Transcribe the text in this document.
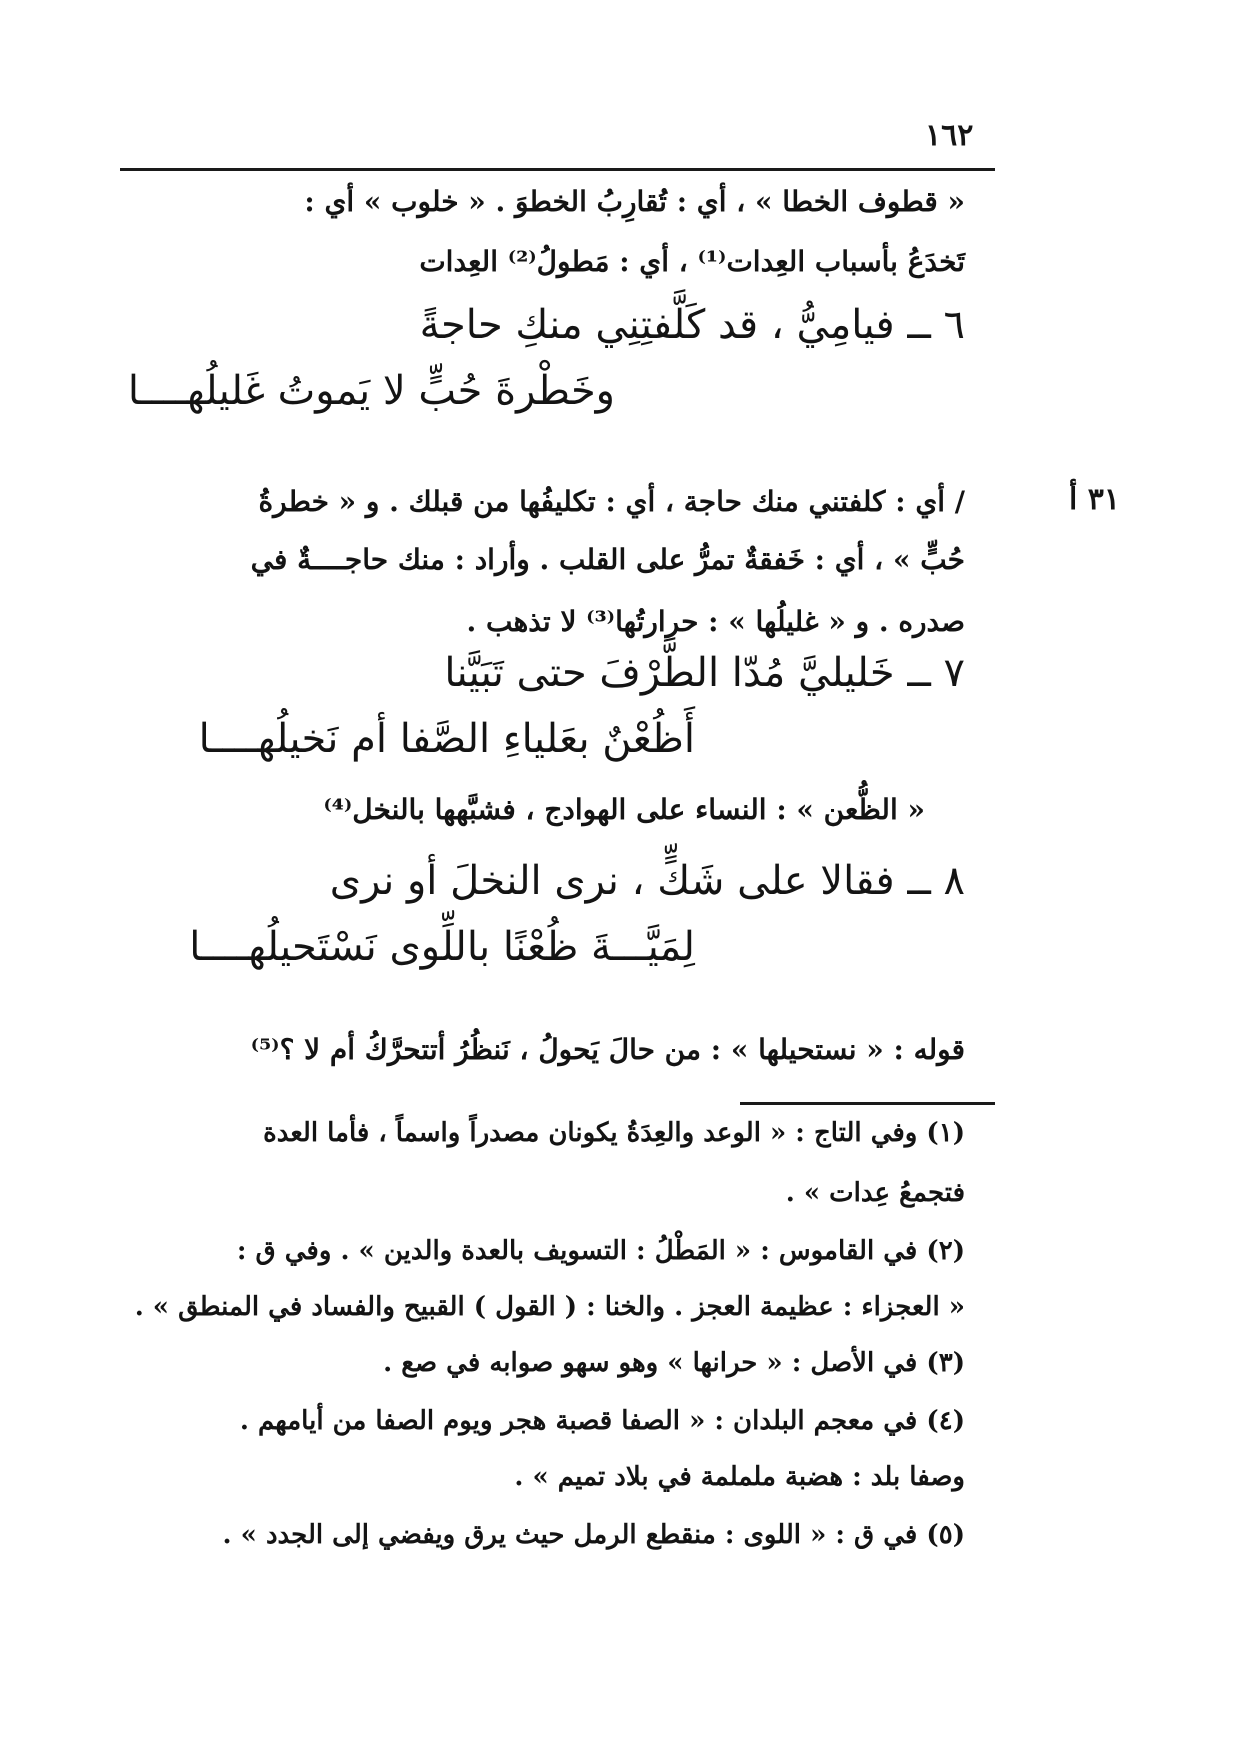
١٦٢
٣١ أ
« قطوف الخطا » ، أي : تُقارِبُ الخطوَ . « خلوب » أي :
تَخدَعُ بأسباب العِدات⁽¹⁾ ، أي : مَطولُ⁽²⁾ العِدات
٦ ــ فيامِيُّ ، قد كَلَّفتِنِي منكِ حاجةً
وخَطْرةَ حُبٍّ لا يَموتُ غَليلُهــــا
/ أي : كلفتني منك حاجة ، أي : تكليفُها من قبلك . و « خطرةُ
حُبٍّ » ، أي : خَفقةٌ تمرُّ على القلب . وأراد : منك حاجــــةٌ في
صدره . و « غليلُها » : حرارتُها⁽³⁾ لا تذهب .
٧ ــ خَليليَّ مُدّا الطَّرْفَ حتى تَبَيَّنا
أَظُعْنٌ بعَلياءِ الصَّفا أم نَخيلُهــــا
« الظُّعن » : النساء على الهوادج ، فشبَّهها بالنخل⁽⁴⁾
٨ ــ فقالا على شَكٍّ ، نرى النخلَ أو نرى
لِمَيَّـــةَ ظُعْنًا باللِّوى نَسْتَحيلُهــــا
قوله : « نستحيلها » : من حالَ يَحولُ ، نَنظُرُ أتتحرَّكُ أم لا ؟⁽⁵⁾
(١) وفي التاج : « الوعد والعِدَةُ يكونان مصدراً واسماً ، فأما العدة
فتجمعُ عِدات » .
(٢) في القاموس : « المَطْلُ : التسويف بالعدة والدين » . وفي ق :
« العجزاء : عظيمة العجز . والخنا : ( القول ) القبيح والفساد في المنطق » .
(٣) في الأصل : « حرانها » وهو سهو صوابه في صع .
(٤) في معجم البلدان : « الصفا قصبة هجر ويوم الصفا من أيامهم .
وصفا بلد : هضبة ململمة في بلاد تميم » .
(٥) في ق : « اللوى : منقطع الرمل حيث يرق ويفضي إلى الجدد » .
